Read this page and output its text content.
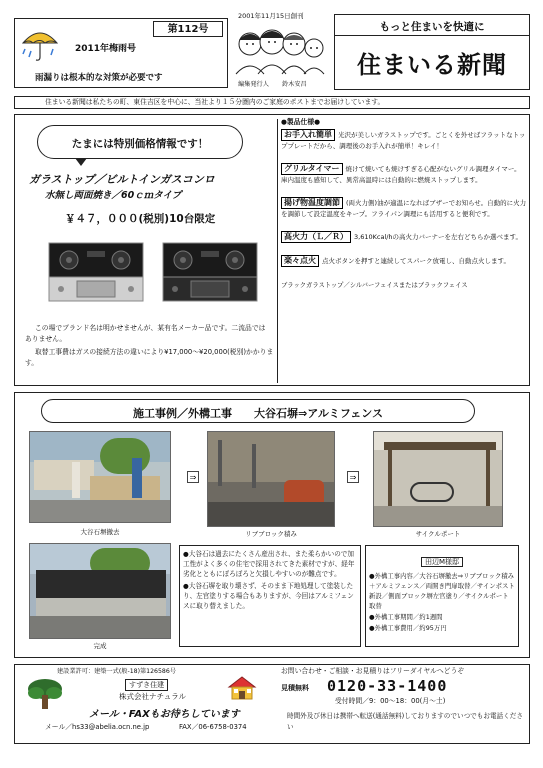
第112号
2011年梅雨号
雨漏りは根本的な対策が必要です
2001年11月15日創刊
編集発行人 鈴木安昌
もっと住まいを快適に
住まいる新聞
住まいる新聞は私たちの町、東住吉区を中心に、当社より１５分圏内のご家庭のポストまでお届けしています。
たまには特別価格情報です！
ガラストップ／ビルトインガスコンロ
水無し両面焼き／60ｃｍタイプ
￥４７，０００(税別)10台限定
この場でブランド名は明かせませんが、某有名メーカー品です。二流品ではありません。
取替工事費はガスの接続方法の違いにより¥17,000〜¥20,000(税別)かかります。
●製品仕様●
お手入れ簡単 光沢が美しいガラストップです。ごとくを外せばフラットなトッププレートだから、調理後のお手入れが簡単！キレイ！
グリルタイマー 焼けて焼いても焼けすぎる心配がないグリル調理タイマー。庫内温度も感知して、異常高温時には自動的に燃焼ストップします。
揚げ物温度調節 (両火力側)油が適温になればブザーでお知らせ。自動的に火力を調節して設定温度をキープ。フライパン調理にも活用すると便利です。
高火力（Ｌ／Ｒ） 3,610Kcal/hの高火力バーナーを左右どちらか選べます。
楽々点火 点火ボタンを押すと連続してスパーク放電し、自動点火します。
ブラックガラストップ／シルバーフェイスまたはブラックフェイス
施工事例／外構工事　　大谷石塀⇒アルミフェンス
大谷石塀撤去
⇒
リブブロック積み
⇒
サイクルポート
完成
●大谷石は過去にたくさん産出され、また柔らかいので加工性がよく多くの住宅で採用されてきた素材ですが、経年劣化とともにぼろぼろと欠損しやすいのが難点です。
●大谷石塀を取り壊さず、そのまま下地処理して塗装したり、左官塗りする場合もありますが、今回はアルミフェンスに取り替えました。
田辺M様邸
●外構工事内容／大谷石塀撤去⇒リブブロック積み＋アルミフェンス／両開き門扉取替／サインポスト新設／側面ブロック塀左官塗り／サイクルポート取替
●外構工事期間／約1週間
●外構工事費用／約95万円
建設業許可：建築一式(般-18)第126586号
すずき住建
株式会社ナチュラル
メール・FAXもお待ちしています
メール／hs33@abelia.ocn.ne.jp	FAX／06-6758-0374
お問い合わせ・ご相談・お見積りはフリーダイヤルへどうぞ
見積無料 0120-33-1400
受付時間／9：00〜18：00(月〜土)
時間外及び休日は携帯へ転送(通話無料)しておりますのでいつでもお電話ください
